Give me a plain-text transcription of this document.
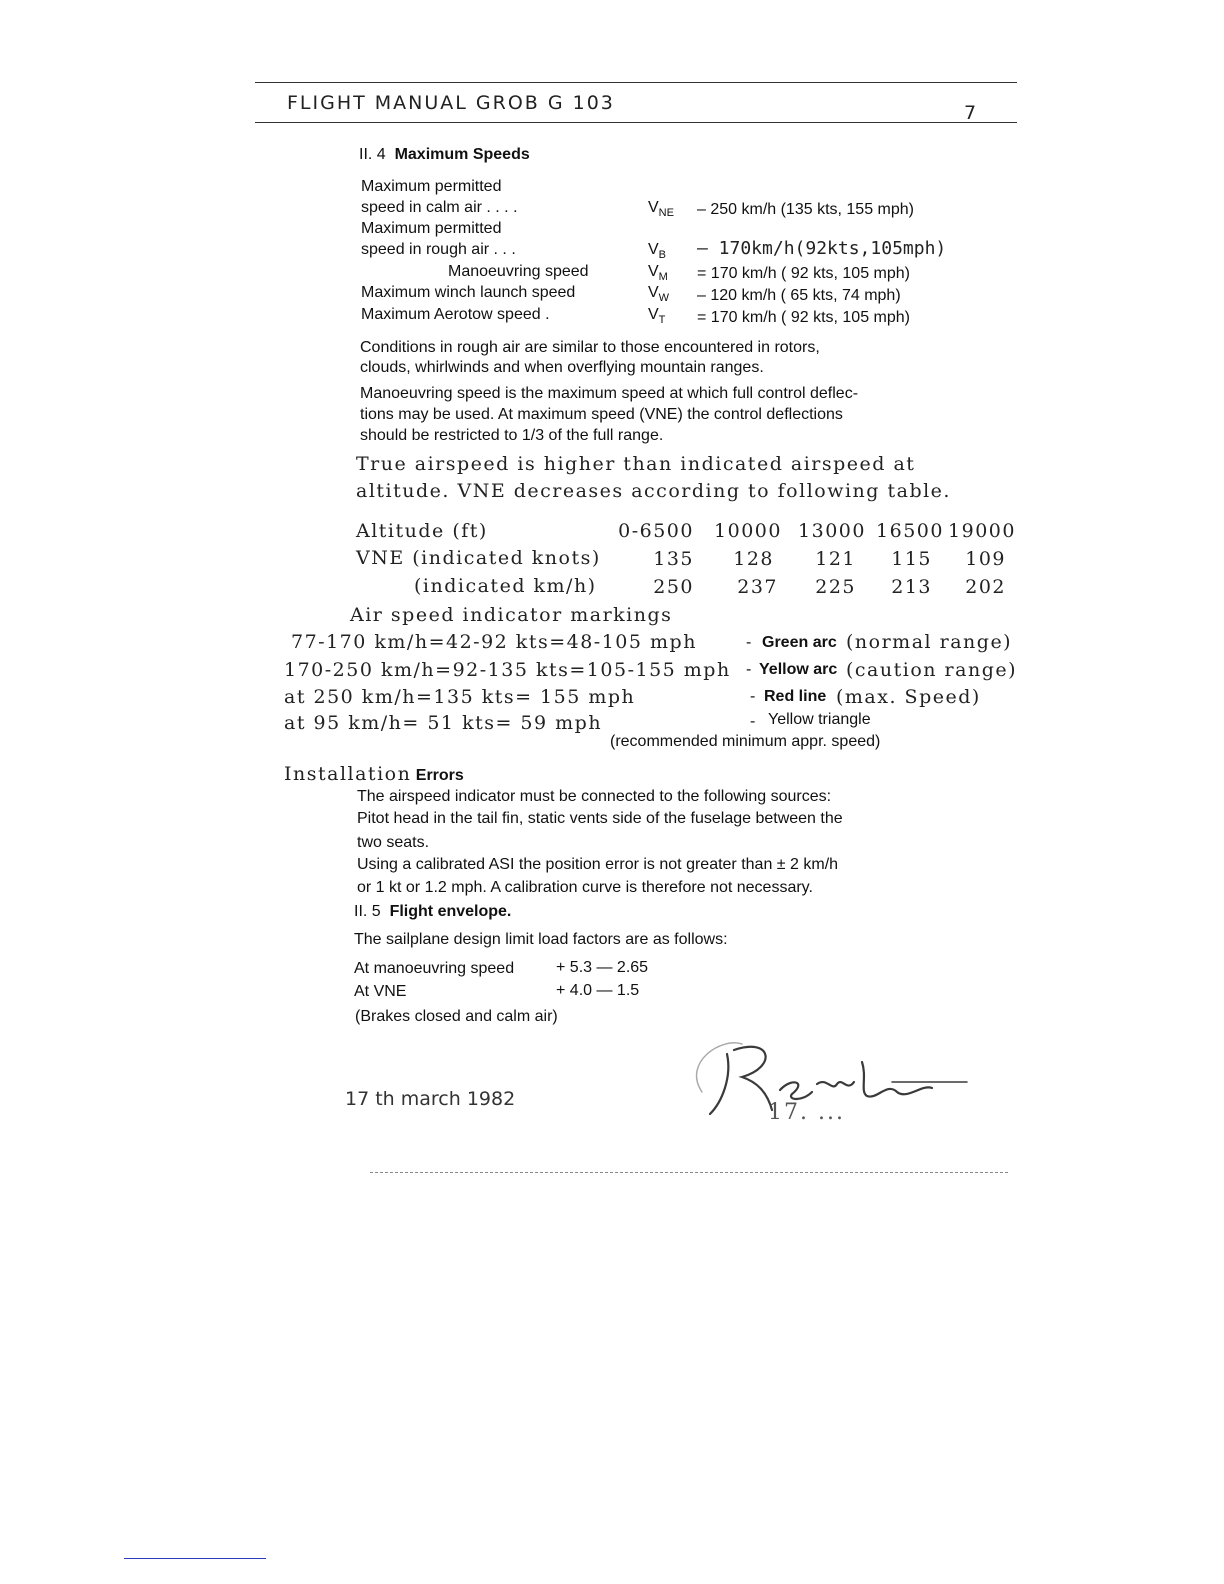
FLIGHT MANUAL GROB G 103	7
II. 4 Maximum Speeds
Maximum permitted
speed in calm air . . . .	$V_{NE} - 250$ km/h (135 kts, 155 mph)
Maximum permitted
speed in rough air . . .	$V_B - 170km/h(92kts,105mph)$
Manoeuvring speed	$V_M = 170$ km/h ( 92 kts, 105 mph)
Maximum winch launch speed	$V_W - 120$ km/h ( 65 kts, 74 mph)
Maximum Aerotow speed .	$V_T = 170$ km/h ( 92 kts, 105 mph)
Conditions in rough air are similar to those encountered in rotors,
clouds, whirlwinds and when overflying mountain ranges.
Manoeuvring speed is the maximum speed at which full control deflec-
tions may be used. At maximum speed (VNE) the control deflections
should be restricted to 1/3 of the full range.
True airspeed is higher than indicated airspeed at
altitude. VNE decreases according to following table.
Altitude (ft)	0-6500	10000 13000 16500 19000
VNE (indicated knots)	135	128	121	115	109
(indicated km/h)	250	237	225	213	202
Air speed indicator markings
77-170 km/h=42-92 kts=48-105 mph	- Green arc (normal range)
170-250 km/h=92-135 kts=105-155 mph - Yellow arc (caution range)
at 250 km/h=135 kts= 155 mph	- Red line (max. Speed)
at 95 km/h= 51 kts= 59 mph	- Yellow triangle
(recommended minimum appr. speed)
Installation Errors
The airspeed indicator must be connected to the following sources:
Pitot head in the tail fin, static vents side of the fuselage between the
two seats.
Using a calibrated ASI the position error is not greater than ± 2 km/h
or 1 kt or 1.2 mph. A calibration curve is therefore not necessary.
II. 5 Flight envelope.
The sailplane design limit load factors are as follows:
At manoeuvring speed	+ 5.3 — 2.65
At VNE	+ 4.0 — 1.5
(Brakes closed and calm air)
17 th march 1982
17. ...
